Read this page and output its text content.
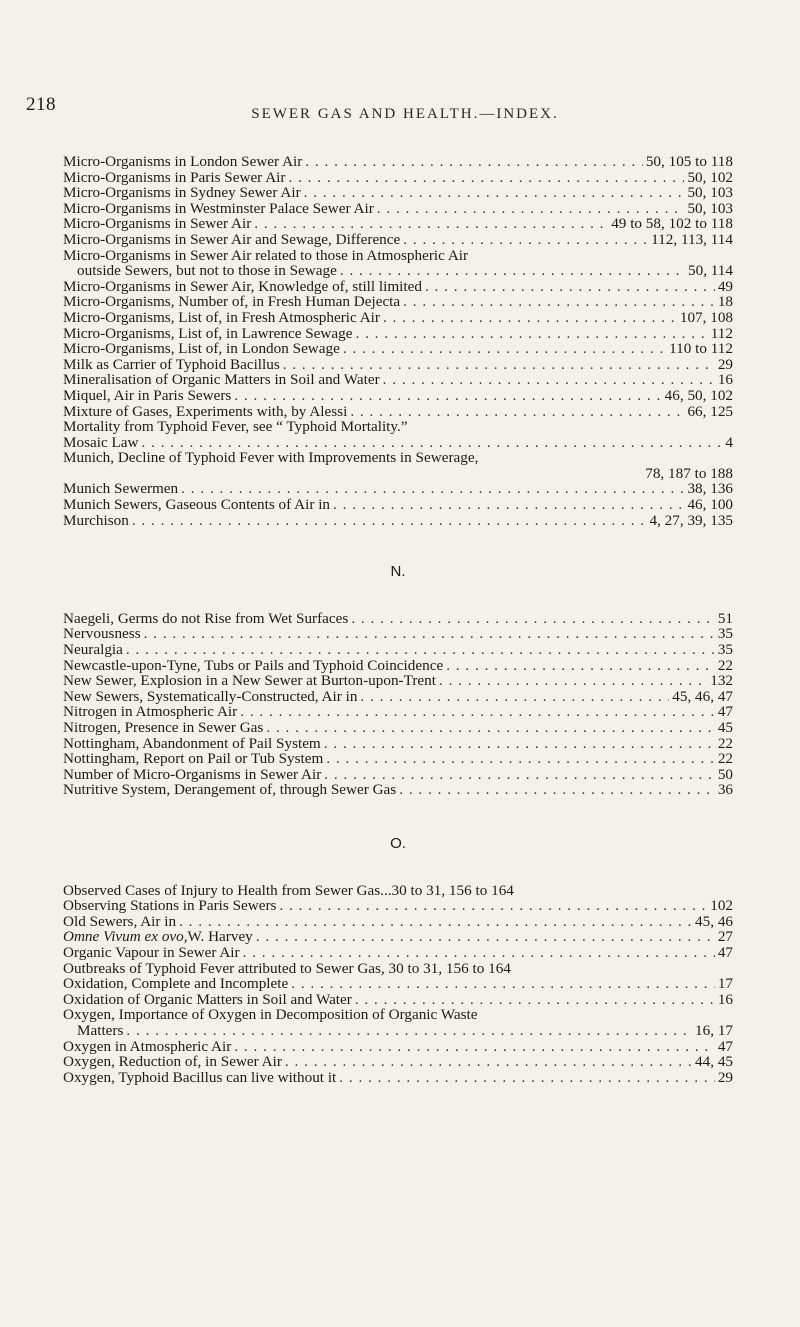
218	SEWER GAS AND HEALTH.—INDEX.
Micro-Organisms in London Sewer Air . . .	50, 105 to 118
Micro-Organisms in Paris Sewer Air . . .	50, 102
Micro-Organisms in Sydney Sewer Air . . .	50, 103
Micro-Organisms in Westminster Palace Sewer Air . . .	50, 103
Micro-Organisms in Sewer Air . . .	49 to 58, 102 to 118
Micro-Organisms in Sewer Air and Sewage, Difference . . .	112, 113, 114
Micro-Organisms in Sewer Air related to those in Atmospheric Air
outside Sewers, but not to those in Sewage . . .	50, 114
Micro-Organisms in Sewer Air, Knowledge of, still limited . . .	49
Micro-Organisms, Number of, in Fresh Human Dejecta . . .	18
Micro-Organisms, List of, in Fresh Atmospheric Air . . .	107, 108
Micro-Organisms, List of, in Lawrence Sewage . . .	112
Micro-Organisms, List of, in London Sewage . . .	110 to 112
Milk as Carrier of Typhoid Bacillus . . .	29
Mineralisation of Organic Matters in Soil and Water . . .	16
Miquel, Air in Paris Sewers . . .	46, 50, 102
Mixture of Gases, Experiments with, by Alessi . . .	66, 125
Mortality from Typhoid Fever, see “ Typhoid Mortality.”
Mosaic Law . . .	4
Munich, Decline of Typhoid Fever with Improvements in Sewerage,
78, 187 to 188
Munich Sewermen . . .	38, 136
Munich Sewers, Gaseous Contents of Air in . . .	46, 100
Murchison . . .	4, 27, 39, 135
N.
Naegeli, Germs do not Rise from Wet Surfaces . . .	51
Nervousness . . .	35
Neuralgia . . .	35
Newcastle-upon-Tyne, Tubs or Pails and Typhoid Coincidence . . .	22
New Sewer, Explosion in a New Sewer at Burton-upon-Trent . . .	132
New Sewers, Systematically-Constructed, Air in . . .	45, 46, 47
Nitrogen in Atmospheric Air . . .	47
Nitrogen, Presence in Sewer Gas . . .	45
Nottingham, Abandonment of Pail System . . .	22
Nottingham, Report on Pail or Tub System . . .	22
Number of Micro-Organisms in Sewer Air . . .	50
Nutritive System, Derangement of, through Sewer Gas . . .	36
O.
Observed Cases of Injury to Health from Sewer Gas...30 to 31, 156 to 164
Observing Stations in Paris Sewers . . .	102
Old Sewers, Air in . . .	45, 46
Omne Vivum ex ovo, W. Harvey . . .	27
Organic Vapour in Sewer Air . . .	47
Outbreaks of Typhoid Fever attributed to Sewer Gas, 30 to 31, 156 to 164
Oxidation, Complete and Incomplete . . .	17
Oxidation of Organic Matters in Soil and Water . . .	16
Oxygen, Importance of Oxygen in Decomposition of Organic Waste
Matters . . .	16, 17
Oxygen in Atmospheric Air . . .	47
Oxygen, Reduction of, in Sewer Air . . .	44, 45
Oxygen, Typhoid Bacillus can live without it . . .	29
